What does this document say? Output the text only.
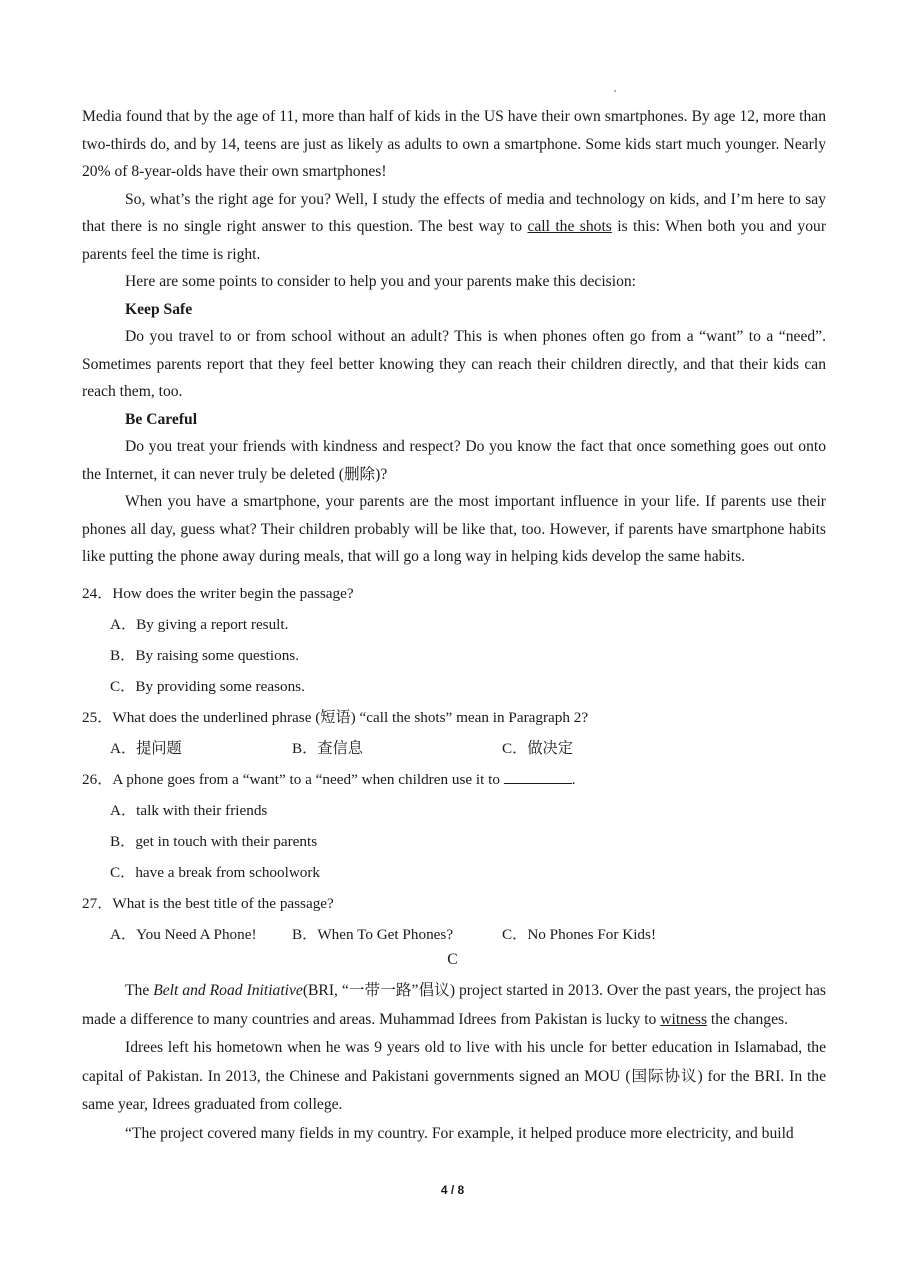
Media found that by the age of 11, more than half of kids in the US have their own smartphones. By age 12, more than two-thirds do, and by 14, teens are just as likely as adults to own a smartphone. Some kids start much younger. Nearly 20% of 8-year-olds have their own smartphones!

So, what’s the right age for you? Well, I study the effects of media and technology on kids, and I’m here to say that there is no single right answer to this question. The best way to call the shots is this: When both you and your parents feel the time is right.

Here are some points to consider to help you and your parents make this decision:

Keep Safe

Do you travel to or from school without an adult? This is when phones often go from a “want” to a “need”. Sometimes parents report that they feel better knowing they can reach their children directly, and that their kids can reach them, too.

Be Careful

Do you treat your friends with kindness and respect? Do you know the fact that once something goes out onto the Internet, it can never truly be deleted (删除)?

When you have a smartphone, your parents are the most important influence in your life. If parents use their phones all day, guess what? Their children probably will be like that, too. However, if parents have smartphone habits like putting the phone away during meals, that will go a long way in helping kids develop the same habits.

24．How does the writer begin the passage?
A．By giving a report result.
B．By raising some questions.
C．By providing some reasons.
25．What does the underlined phrase (短语) “call the shots” mean in Paragraph 2?
A．提问题	B．查信息	C．做决定
26．A phone goes from a “want” to a “need” when children use it to	.
A．talk with their friends
B．get in touch with their parents
C．have a break from schoolwork
27．What is the best title of the passage?
A．You Need A Phone! B．When To Get Phones?	C．No Phones For Kids!
C

The Belt and Road Initiative(BRI, “一带一路”倡议) project started in 2013. Over the past years, the project has made a difference to many countries and areas. Muhammad Idrees from Pakistan is lucky to witness the changes.

Idrees left his hometown when he was 9 years old to live with his uncle for better education in Islamabad, the capital of Pakistan. In 2013, the Chinese and Pakistani governments signed an MOU (国际协议) for the BRI. In the same year, Idrees graduated from college.

“The project covered many fields in my country. For example, it helped produce more electricity, and build

4 / 8
